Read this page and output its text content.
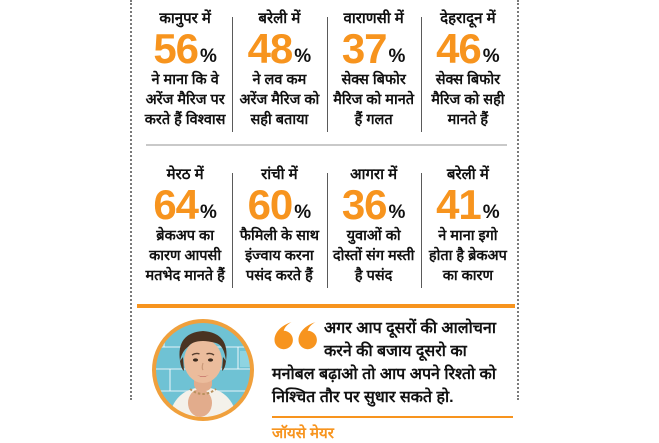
कानुपर में
56 %
ने माना कि वे अरेंज मैरिज पर करते हैं विश्वास
बरेली में
48 %
ने लव कम अरेंज मैरिज को सही बताया
वाराणसी में
37 %
सेक्स बिफोर मैरिज को मानते हैं गलत
देहरादून में
46 %
सेक्स बिफोर मैरिज को सही मानते हैं
मेरठ में
64 %
ब्रेकअप का कारण आपसी मतभेद मानते हैं
रांची में
60 %
फैमिली के साथ इंज्वाय करना पसंद करते हैं
आगरा में
36 %
युवाओं को दोस्तों संग मस्ती है पसंद
बरेली में
41 %
ने माना इगो होता है ब्रेकअप का कारण
अगर आप दूसरों की आलोचना करने की बजाय दूसरो का मनोबल बढ़ाओ तो आप अपने रिश्तो को निश्चित तौर पर सुधार सकते हो.
जॉयसे मेयर
